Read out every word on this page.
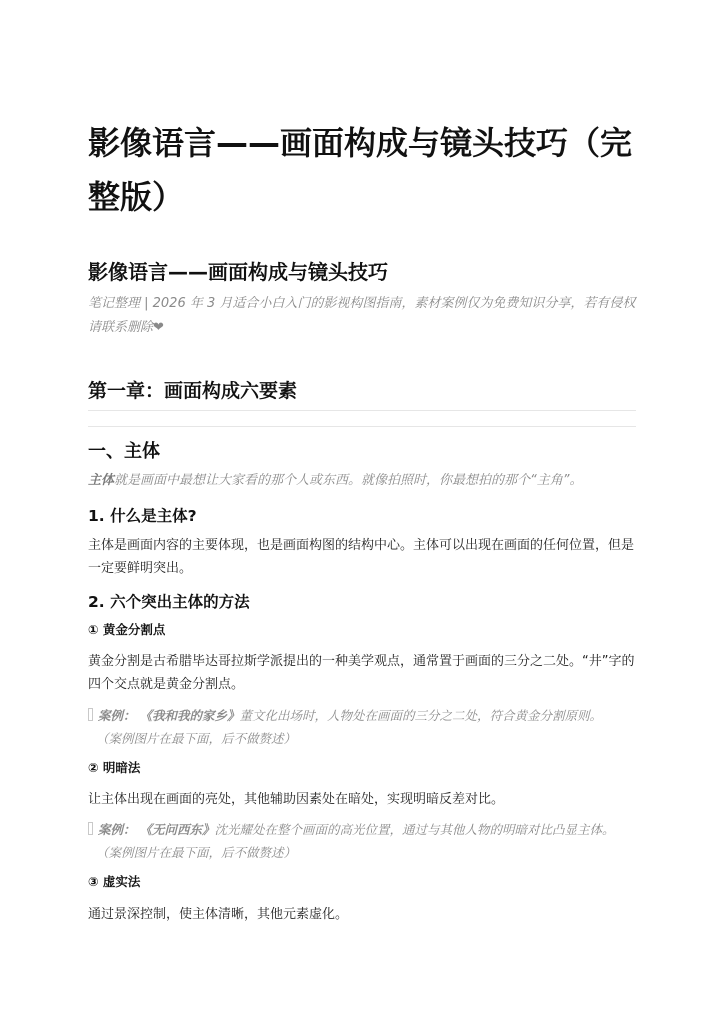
影像语言——画面构成与镜头技巧（完整版）
影像语言——画面构成与镜头技巧

笔记整理 | 2026 年 3 月适合小白入门的影视构图指南，素材案例仅为免费知识分享，若有侵权请联系删除❤

第一章：画面构成六要素
一、主体

主体就是画面中最想让大家看的那个人或东西。就像拍照时，你最想拍的那个“主角”。

1. 什么是主体?

主体是画面内容的主要体现，也是画面构图的结构中心。主体可以出现在画面的任何位置，但是一定要鲜明突出。

2. 六个突出主体的方法
① 黄金分割点

黄金分割是古希腊毕达哥拉斯学派提出的一种美学观点，通常置于画面的三分之二处。“井”字的四个交点就是黄金分割点。

案例： 《我和我的家乡》董文化出场时，人物处在画面的三分之二处，符合黄金分割原则。
（案例图片在最下面，后不做赘述）

② 明暗法

让主体出现在画面的亮处，其他辅助因素处在暗处，实现明暗反差对比。

案例： 《无问西东》沈光耀处在整个画面的高光位置，通过与其他人物的明暗对比凸显主体。
（案例图片在最下面，后不做赘述）

③ 虚实法

通过景深控制，使主体清晰，其他元素虚化。
